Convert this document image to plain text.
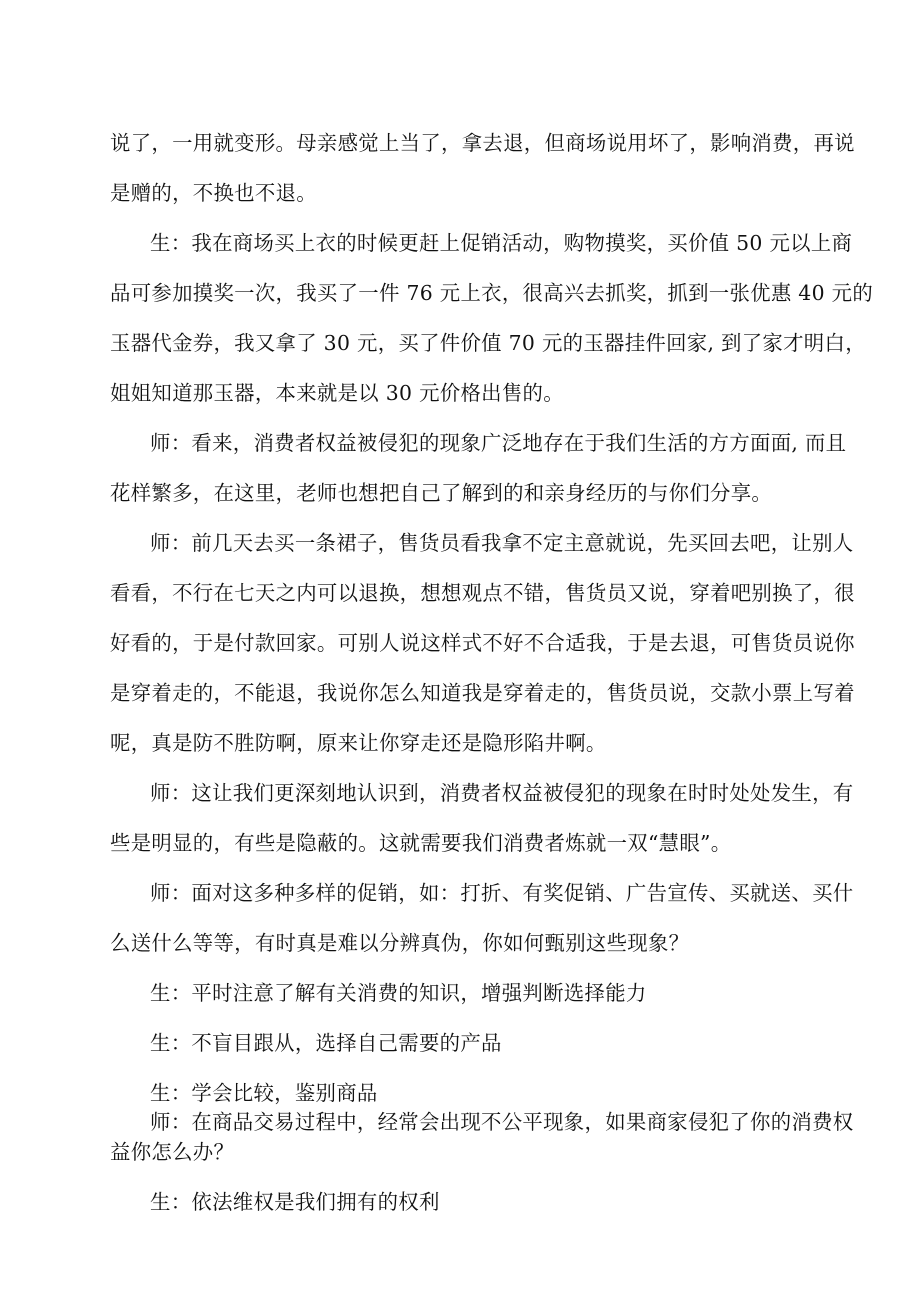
说了，一用就变形。母亲感觉上当了，拿去退，但商场说用坏了，影响消费，再说
是赠的，不换也不退。
生：我在商场买上衣的时候更赶上促销活动，购物摸奖，买价值 50 元以上商
品可参加摸奖一次，我买了一件 76 元上衣，很高兴去抓奖，抓到一张优惠 40 元的
玉器代金券，我又拿了 30 元，买了件价值 70 元的玉器挂件回家, 到了家才明白，
姐姐知道那玉器，本来就是以 30 元价格出售的。
师：看来，消费者权益被侵犯的现象广泛地存在于我们生活的方方面面, 而且
花样繁多，在这里，老师也想把自己了解到的和亲身经历的与你们分享。
师：前几天去买一条裙子，售货员看我拿不定主意就说，先买回去吧，让别人
看看，不行在七天之内可以退换，想想观点不错，售货员又说，穿着吧别换了，很
好看的，于是付款回家。可别人说这样式不好不合适我，于是去退，可售货员说你
是穿着走的，不能退，我说你怎么知道我是穿着走的，售货员说，交款小票上写着
呢，真是防不胜防啊，原来让你穿走还是隐形陷井啊。
师：这让我们更深刻地认识到，消费者权益被侵犯的现象在时时处处发生，有
些是明显的，有些是隐蔽的。这就需要我们消费者炼就一双“慧眼”。
师：面对这多种多样的促销，如：打折、有奖促销、广告宣传、买就送、买什
么送什么等等，有时真是难以分辨真伪，你如何甄别这些现象？
生：平时注意了解有关消费的知识，增强判断选择能力
生：不盲目跟从，选择自己需要的产品
生：学会比较，鉴别商品
师：在商品交易过程中，经常会出现不公平现象，如果商家侵犯了你的消费权
益你怎么办？
生：依法维权是我们拥有的权利
